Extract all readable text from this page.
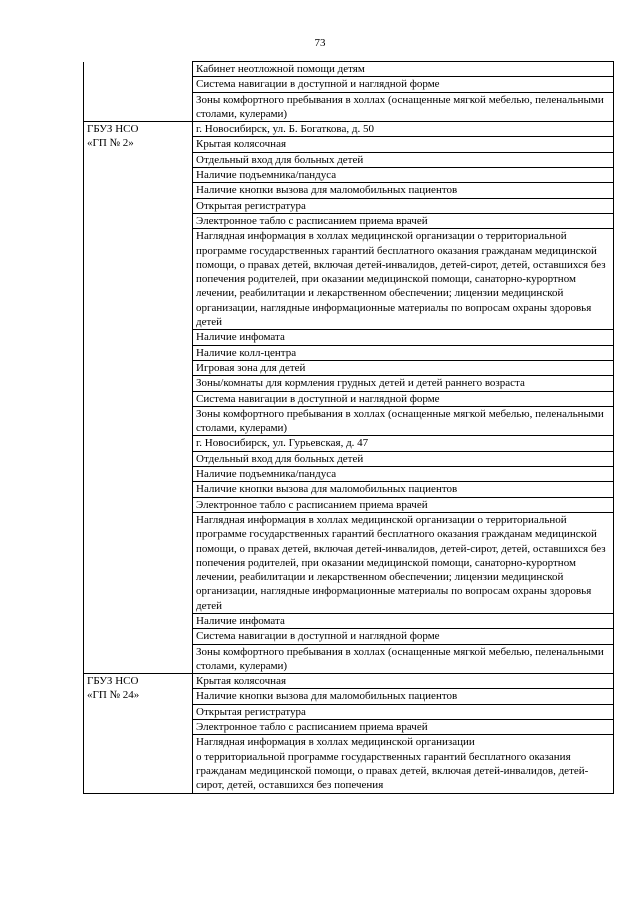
73
	Кабинет неотложной помощи детям
	Система навигации в доступной и наглядной форме
	Зоны комфортного пребывания в холлах (оснащенные мягкой мебелью, пеленальными столами, кулерами)

ГБУЗ НСО
«ГП № 2»	г. Новосибирск, ул. Б. Богаткова, д. 50
	Крытая колясочная
	Отдельный вход для больных детей
	Наличие подъемника/пандуса
	Наличие кнопки вызова для маломобильных пациентов
	Открытая регистратура
	Электронное табло с расписанием приема врачей
	Наглядная информация в холлах медицинской организации о территориальной программе государственных гарантий бесплатного оказания гражданам медицинской помощи, о правах детей, включая детей-инвалидов, детей-сирот, детей, оставшихся без попечения родителей, при оказании медицинской помощи, санаторно-курортном лечении, реабилитации и лекарственном обеспечении; лицензии медицинской организации, наглядные информационные материалы по вопросам охраны здоровья детей
	Наличие инфомата
	Наличие колл-центра
	Игровая зона для детей
	Зоны/комнаты для кормления грудных детей и детей раннего возраста
	Система навигации в доступной и наглядной форме
	Зоны комфортного пребывания в холлах (оснащенные мягкой мебелью, пеленальными столами, кулерами)
	г. Новосибирск, ул. Гурьевская, д. 47
	Отдельный вход для больных детей
	Наличие подъемника/пандуса
	Наличие кнопки вызова для маломобильных пациентов
	Электронное табло с расписанием приема врачей
	Наглядная информация в холлах медицинской организации о территориальной программе государственных гарантий бесплатного оказания гражданам медицинской помощи, о правах детей, включая детей-инвалидов, детей-сирот, детей, оставшихся без попечения родителей, при оказании медицинской помощи, санаторно-курортном лечении, реабилитации и лекарственном обеспечении; лицензии медицинской организации, наглядные информационные материалы по вопросам охраны здоровья детей
	Наличие инфомата
	Система навигации в доступной и наглядной форме
	Зоны комфортного пребывания в холлах (оснащенные мягкой мебелью, пеленальными столами, кулерами)

ГБУЗ НСО
«ГП № 24»	Крытая колясочная
	Наличие кнопки вызова для маломобильных пациентов
	Открытая регистратура
	Электронное табло с расписанием приема врачей
	Наглядная информация в холлах медицинской организации
о территориальной программе государственных гарантий бесплатного оказания гражданам медицинской помощи, о правах детей, включая детей-инвалидов, детей-сирот, детей, оставшихся без попечения
